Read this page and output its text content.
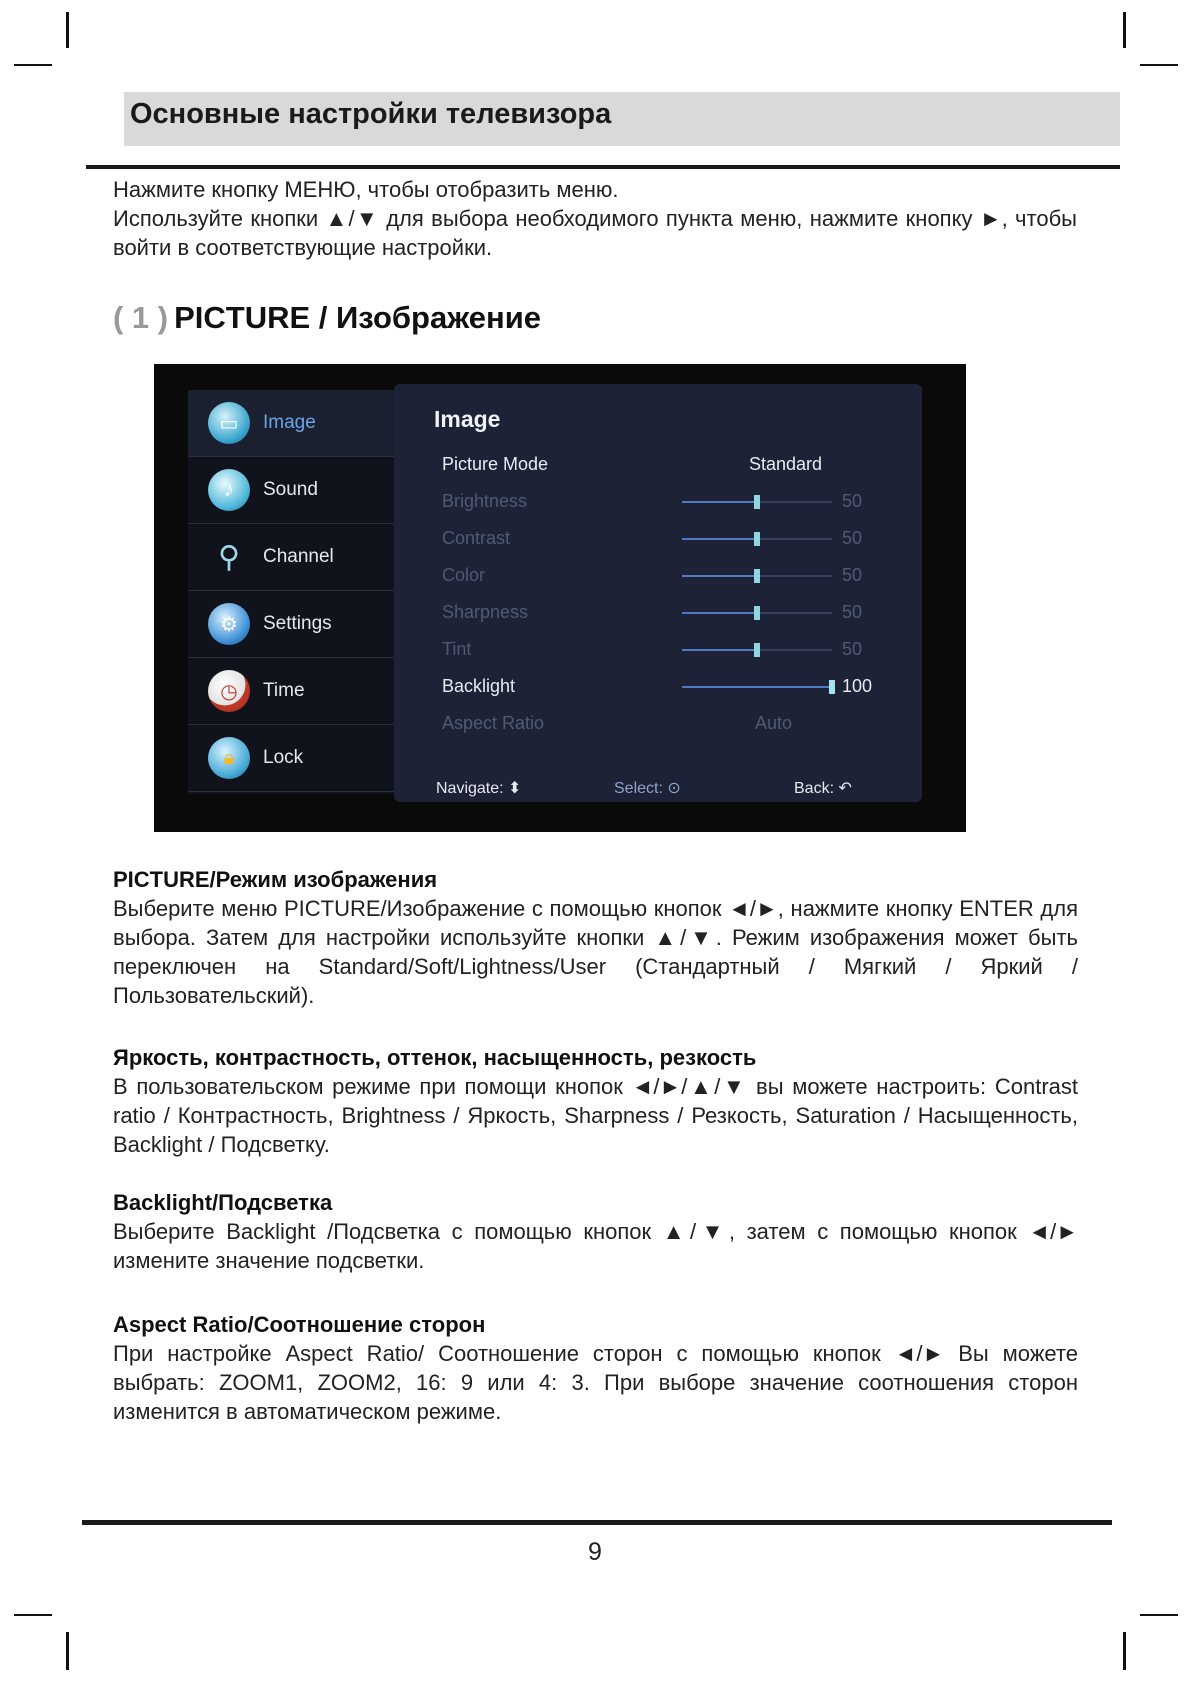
Основные настройки телевизора

Нажмите кнопку МЕНЮ, чтобы отобразить меню.

Используйте кнопки ▲/▼ для выбора необходимого пункта меню, нажмите кнопку ►, чтобы войти в соответствующие настройки.

( 1 ) PICTURE / Изображение
▭	Image
♪	Sound
⚲	Channel
⚙	Settings
◷	Time
🔒︎	Lock
Image
Picture Mode	Standard
Brightness	50
Contrast	50
Color	50
Sharpness	50
Tint	50
Backlight	100
Aspect Ratio	Auto
Navigate: ⬍	Select: ⊙	Back: ↶
PICTURE/Режим изображения

Выберите меню PICTURE/Изображение с помощью кнопок ◄/►, нажмите кнопку ENTER для выбора. Затем для настройки используйте кнопки ▲/▼. Режим изображения может быть переключен на Standard/Soft/Lightness/User (Стандартный / Мягкий / Яркий / Пользовательский).

Яркость, контрастность, оттенок, насыщенность, резкость

В пользовательском режиме при помощи кнопок ◄/►/▲/▼ вы можете настроить: Contrast ratio / Контрастность, Brightness / Яркость, Sharpness / Резкость, Saturation / Насыщенность, Backlight / Подсветку.

Backlight/Подсветка

Выберите Backlight /Подсветка с помощью кнопок ▲/▼, затем с помощью кнопок ◄/► измените значение подсветки.

Aspect Ratio/Соотношение сторон

При настройке Aspect Ratio/ Соотношение сторон с помощью кнопок ◄/► Вы можете выбрать: ZOOM1, ZOOM2, 16: 9 или 4: 3. При выборе значение соотношения сторон изменится в автоматическом режиме.

9
